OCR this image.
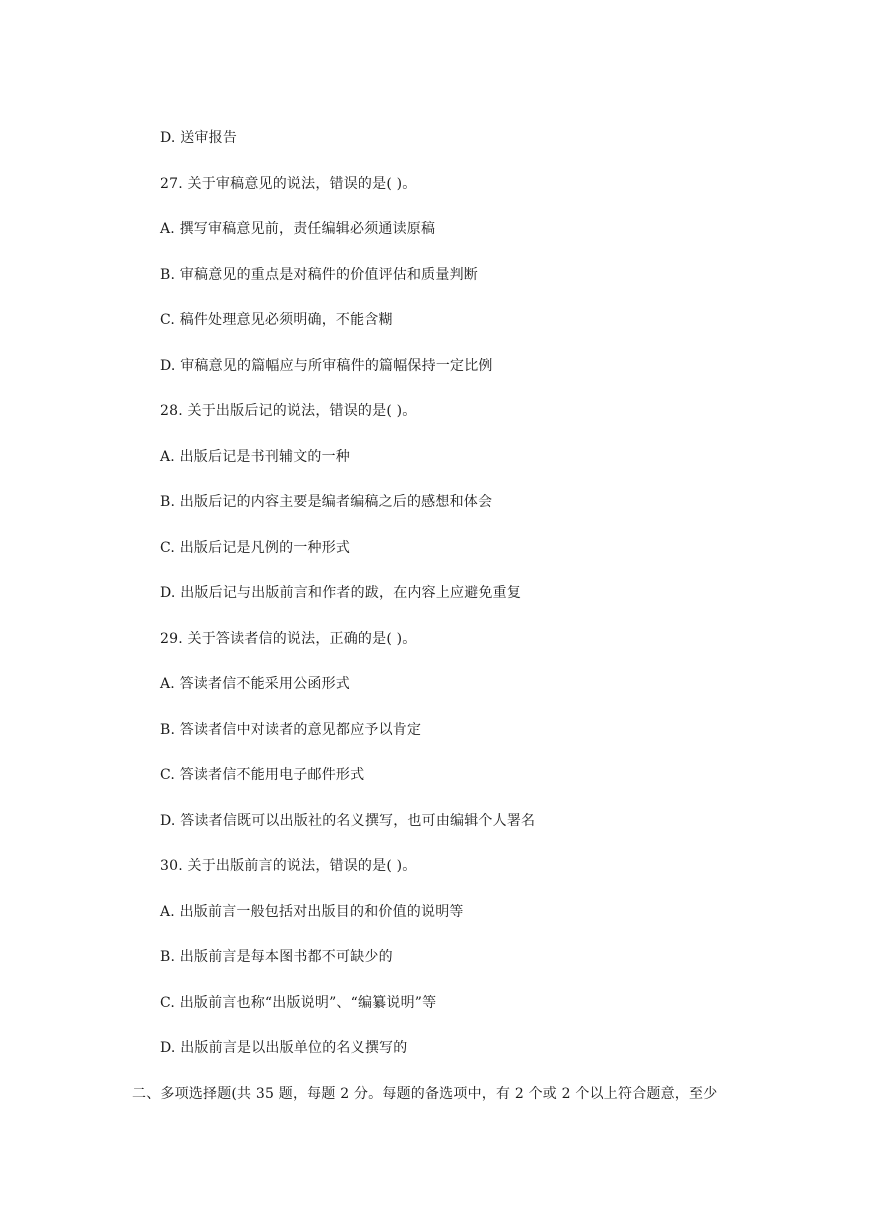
D. 送审报告
27. 关于审稿意见的说法，错误的是( )。
A. 撰写审稿意见前，责任编辑必须通读原稿
B. 审稿意见的重点是对稿件的价值评估和质量判断
C. 稿件处理意见必须明确，不能含糊
D. 审稿意见的篇幅应与所审稿件的篇幅保持一定比例
28. 关于出版后记的说法，错误的是( )。
A. 出版后记是书刊辅文的一种
B. 出版后记的内容主要是编者编稿之后的感想和体会
C. 出版后记是凡例的一种形式
D. 出版后记与出版前言和作者的跋，在内容上应避免重复
29. 关于答读者信的说法，正确的是( )。
A. 答读者信不能采用公函形式
B. 答读者信中对读者的意见都应予以肯定
C. 答读者信不能用电子邮件形式
D. 答读者信既可以出版社的名义撰写，也可由编辑个人署名
30. 关于出版前言的说法，错误的是( )。
A. 出版前言一般包括对出版目的和价值的说明等
B. 出版前言是每本图书都不可缺少的
C. 出版前言也称“出版说明”、“编纂说明”等
D. 出版前言是以出版单位的名义撰写的
二、多项选择题(共 35 题，每题 2 分。每题的备选项中，有 2 个或 2 个以上符合题意，至少
